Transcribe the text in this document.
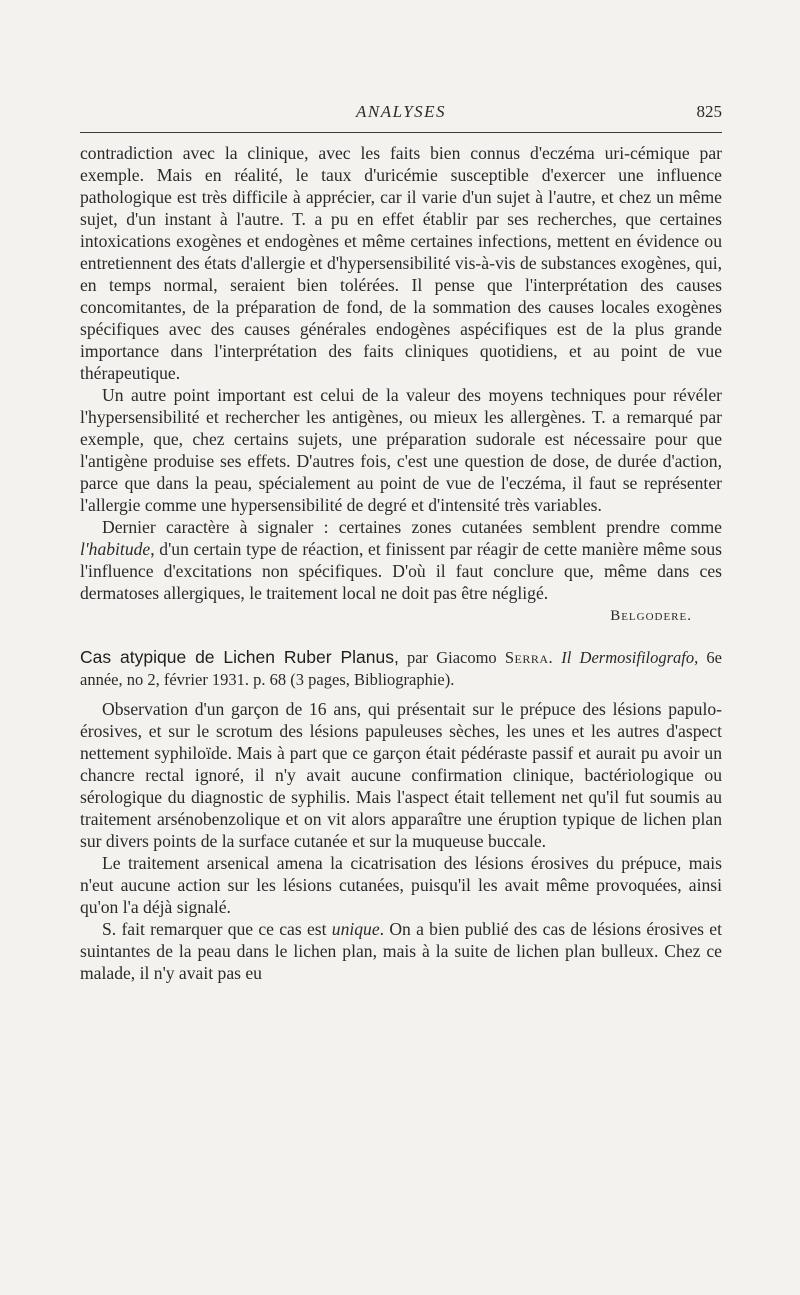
ANALYSES	825

contradiction avec la clinique, avec les faits bien connus d'eczéma uri-cémique par exemple. Mais en réalité, le taux d'uricémie susceptible d'exercer une influence pathologique est très difficile à apprécier, car il varie d'un sujet à l'autre, et chez un même sujet, d'un instant à l'autre. T. a pu en effet établir par ses recherches, que certaines intoxications exogènes et endogènes et même certaines infections, mettent en évidence ou entretiennent des états d'allergie et d'hypersensibilité vis-à-vis de substances exogènes, qui, en temps normal, seraient bien tolérées. Il pense que l'interprétation des causes concomitantes, de la préparation de fond, de la sommation des causes locales exogènes spécifiques avec des causes générales endogènes aspécifiques est de la plus grande importance dans l'interprétation des faits cliniques quotidiens, et au point de vue thérapeutique.

Un autre point important est celui de la valeur des moyens techniques pour révéler l'hypersensibilité et rechercher les antigènes, ou mieux les allergènes. T. a remarqué par exemple, que, chez certains sujets, une préparation sudorale est nécessaire pour que l'antigène produise ses effets. D'autres fois, c'est une question de dose, de durée d'action, parce que dans la peau, spécialement au point de vue de l'eczéma, il faut se représenter l'allergie comme une hypersensibilité de degré et d'intensité très variables.

Dernier caractère à signaler : certaines zones cutanées semblent prendre comme l'habitude, d'un certain type de réaction, et finissent par réagir de cette manière même sous l'influence d'excitations non spécifiques. D'où il faut conclure que, même dans ces dermatoses allergiques, le traitement local ne doit pas être négligé.

Belgodere.

Cas atypique de Lichen Ruber Planus, par Giacomo Serra. Il Dermosifilografo, 6e année, no 2, février 1931. p. 68 (3 pages, Bibliographie).

Observation d'un garçon de 16 ans, qui présentait sur le prépuce des lésions papulo-érosives, et sur le scrotum des lésions papuleuses sèches, les unes et les autres d'aspect nettement syphiloïde. Mais à part que ce garçon était pédéraste passif et aurait pu avoir un chancre rectal ignoré, il n'y avait aucune confirmation clinique, bactériologique ou sérologique du diagnostic de syphilis. Mais l'aspect était tellement net qu'il fut soumis au traitement arsénobenzolique et on vit alors apparaître une éruption typique de lichen plan sur divers points de la surface cutanée et sur la muqueuse buccale.

Le traitement arsenical amena la cicatrisation des lésions érosives du prépuce, mais n'eut aucune action sur les lésions cutanées, puisqu'il les avait même provoquées, ainsi qu'on l'a déjà signalé.

S. fait remarquer que ce cas est unique. On a bien publié des cas de lésions érosives et suintantes de la peau dans le lichen plan, mais à la suite de lichen plan bulleux. Chez ce malade, il n'y avait pas eu
